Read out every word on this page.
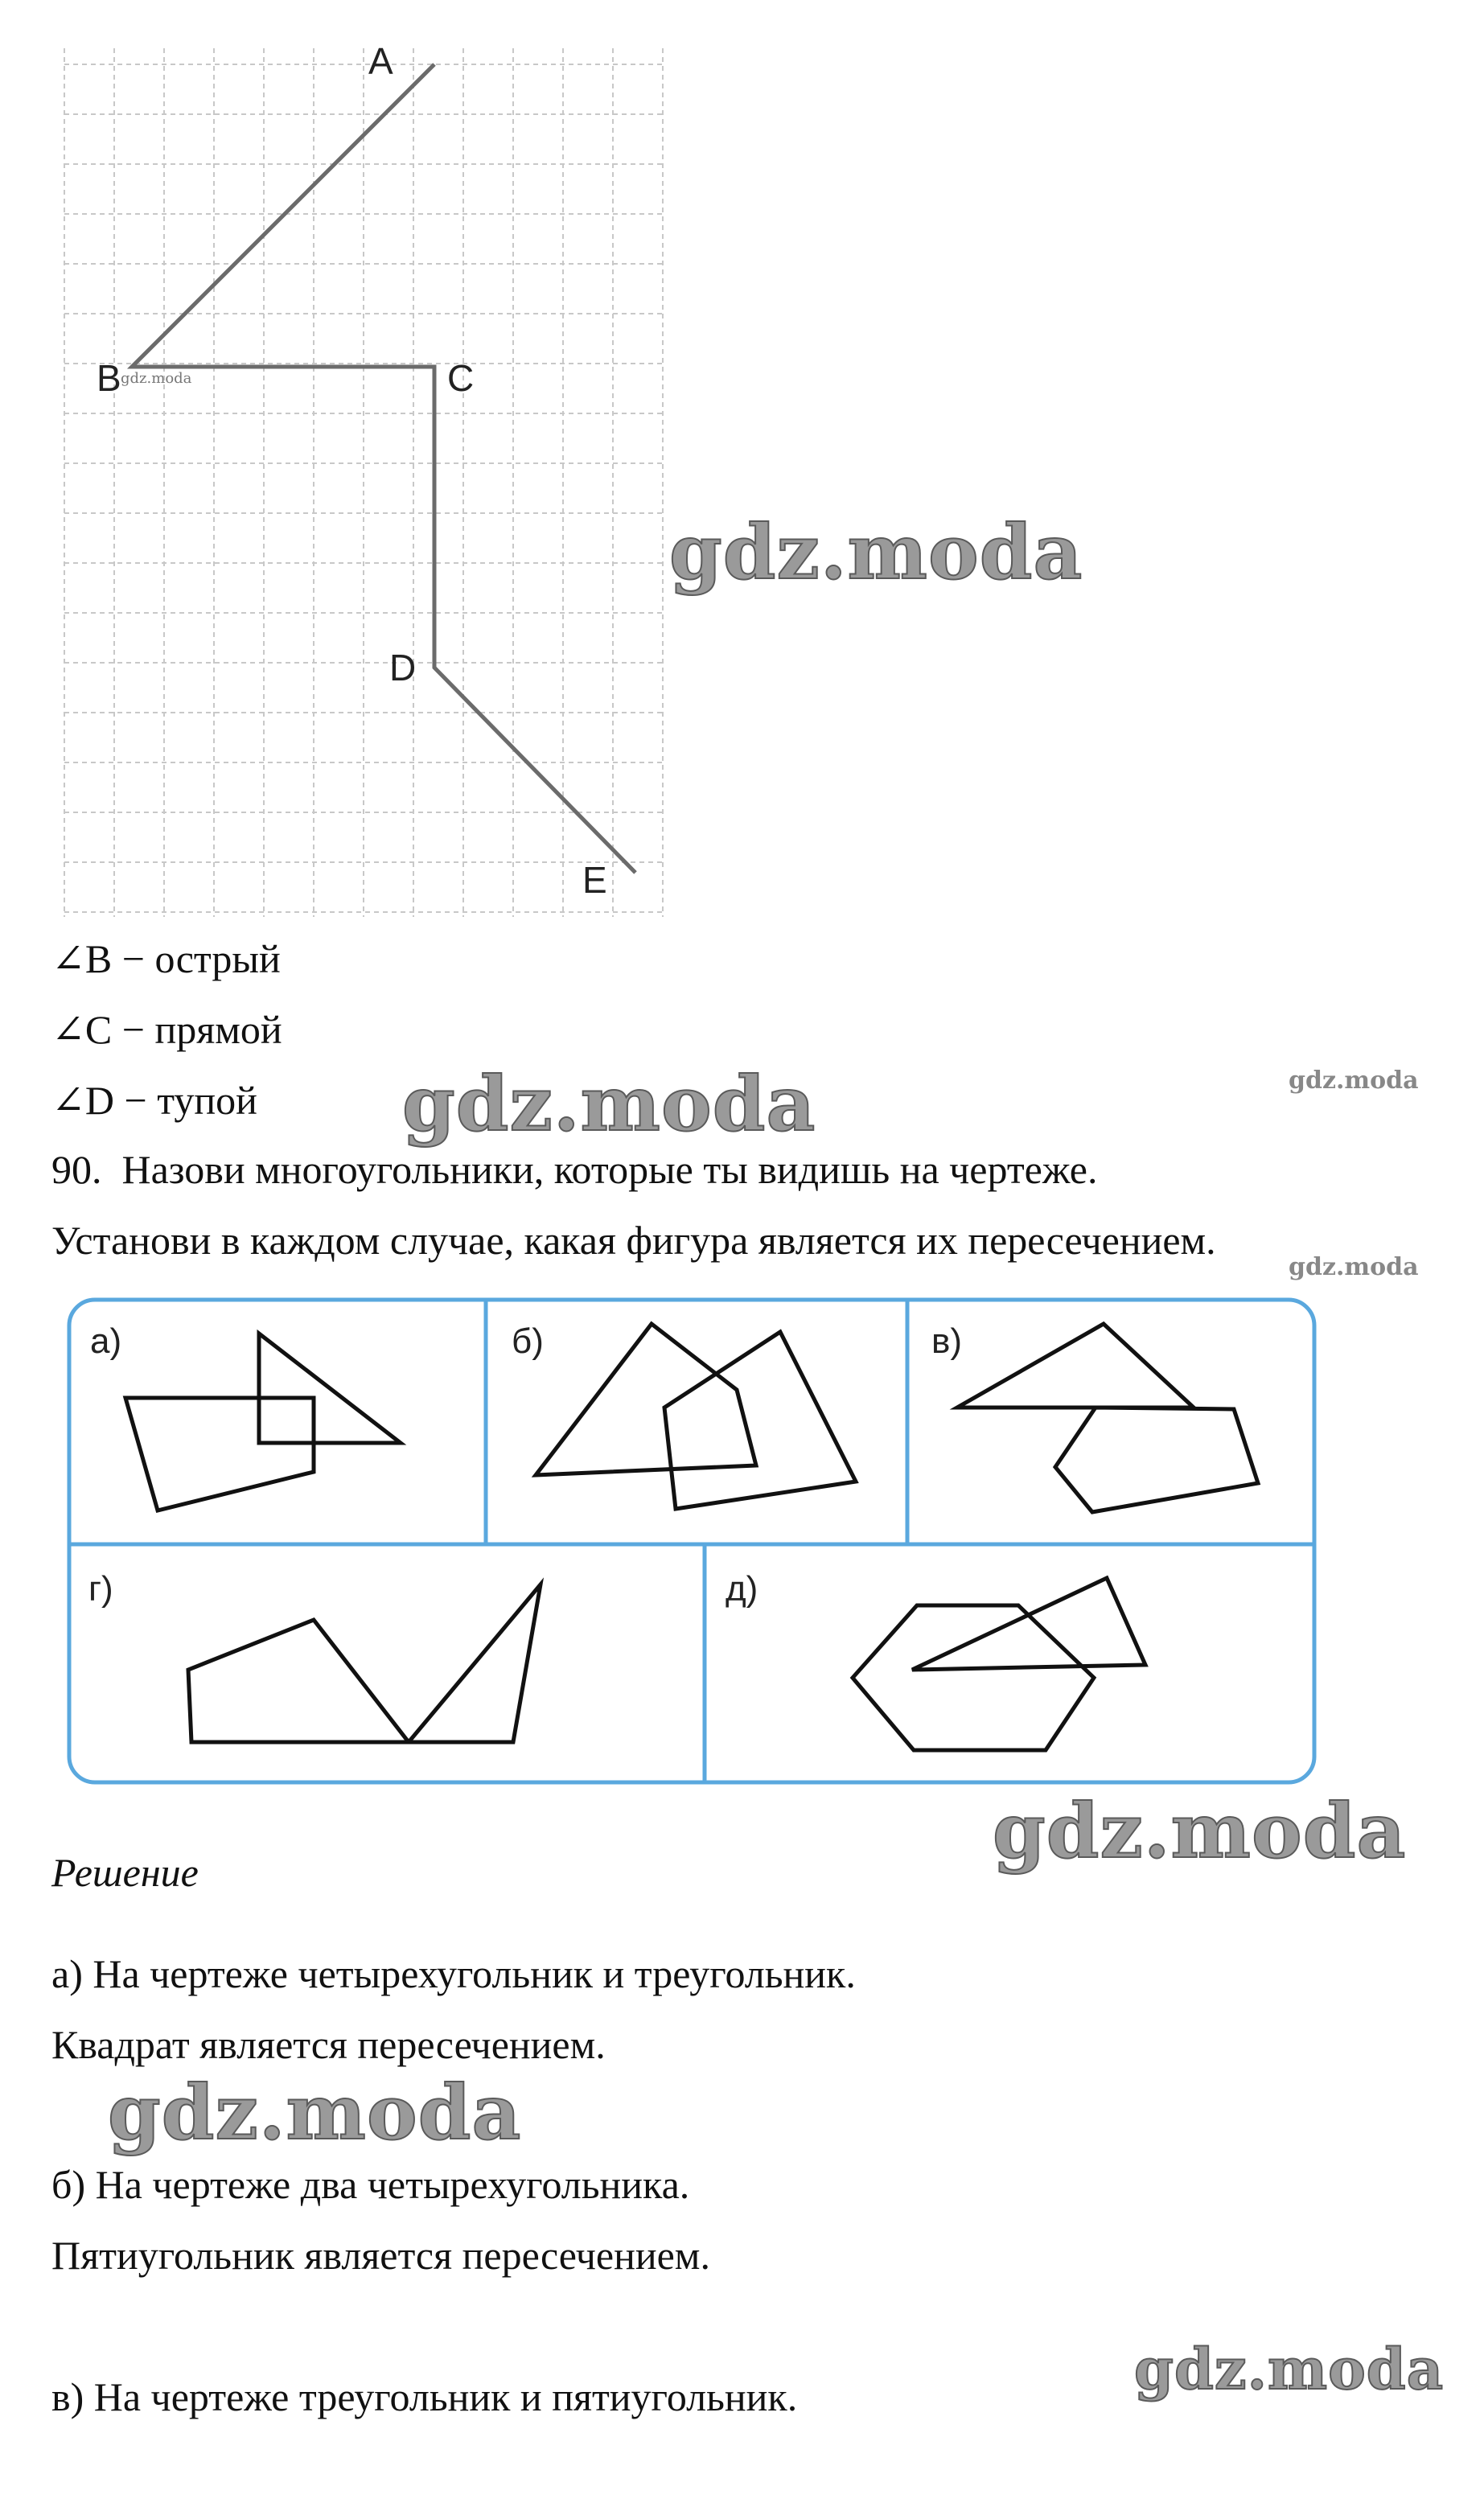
A
B	C
D
E
gdz.moda
gdz.moda
∠B − острый
∠C − прямой
∠D − тупой gdz.moda	gdz.moda
90. Назови многоугольники, которые ты видишь на чертеже.
Установи в каждом случае, какая фигура является их пересечением.
gdz.moda
а)	б)	в)
г)	д)
gdz.moda
Решение
а) На чертеже четырехугольник и треугольник.
Квадрат является пересечением.
gdz.moda
б) На чертеже два четырехугольника.
Пятиугольник является пересечением.
gdz.moda
в) На чертеже треугольник и пятиугольник.
